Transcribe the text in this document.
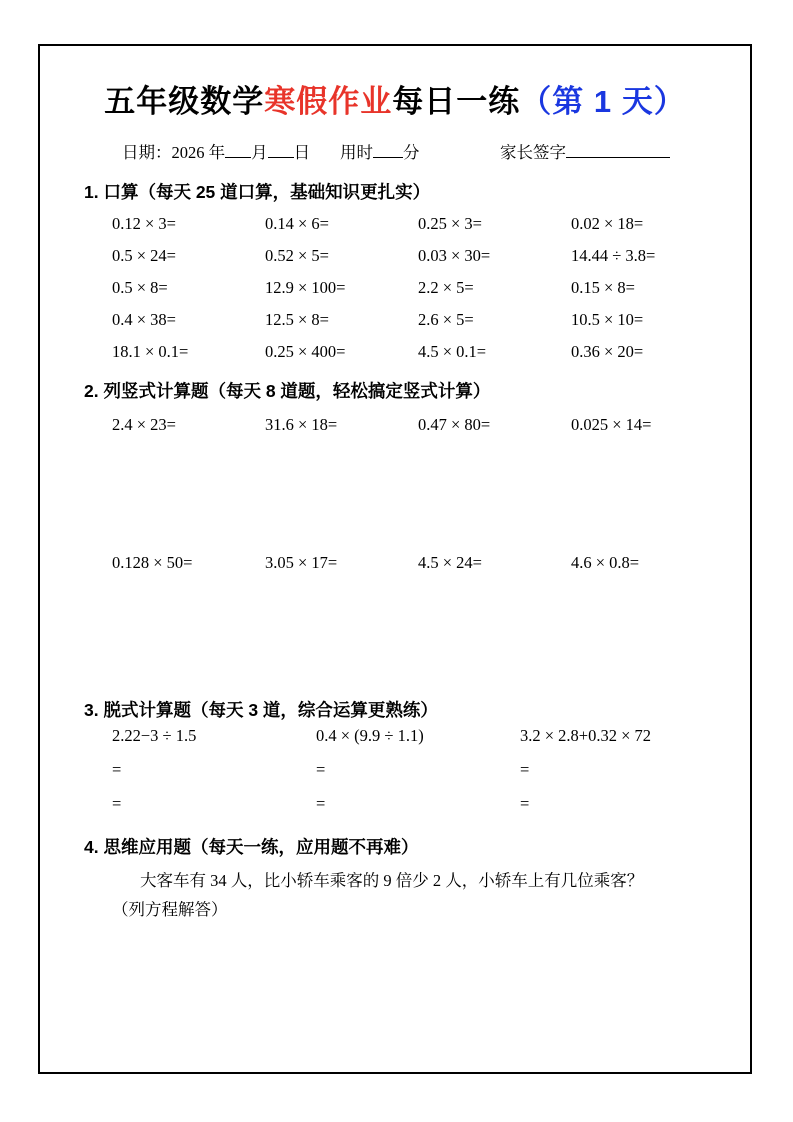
五年级数学寒假作业每日一练（第 1 天）
日期：2026 年 月 日	用时 分	家长签字
1. 口算（每天 25 道口算，基础知识更扎实）
0.12 × 3=	0.14 × 6=	0.25 × 3=	0.02 × 18=
0.5 × 24=	0.52 × 5=	0.03 × 30=	14.44 ÷ 3.8=
0.5 × 8=	12.9 × 100=	2.2 × 5=	0.15 × 8=
0.4 × 38=	12.5 × 8=	2.6 × 5=	10.5 × 10=
18.1 × 0.1=	0.25 × 400=	4.5 × 0.1=	0.36 × 20=
2. 列竖式计算题（每天 8 道题，轻松搞定竖式计算）
2.4 × 23=	31.6 × 18=	0.47 × 80=	0.025 × 14=
0.128 × 50=	3.05 × 17=	4.5 × 24=	4.6 × 0.8=
3. 脱式计算题（每天 3 道，综合运算更熟练）
2.22−3 ÷ 1.5	0.4 × (9.9 ÷ 1.1)	3.2 × 2.8+0.32 × 72
=	=	=
=	=	=
4. 思维应用题（每天一练，应用题不再难）
大客车有 34 人，比小轿车乘客的 9 倍少 2 人，小轿车上有几位乘客？
（列方程解答）
